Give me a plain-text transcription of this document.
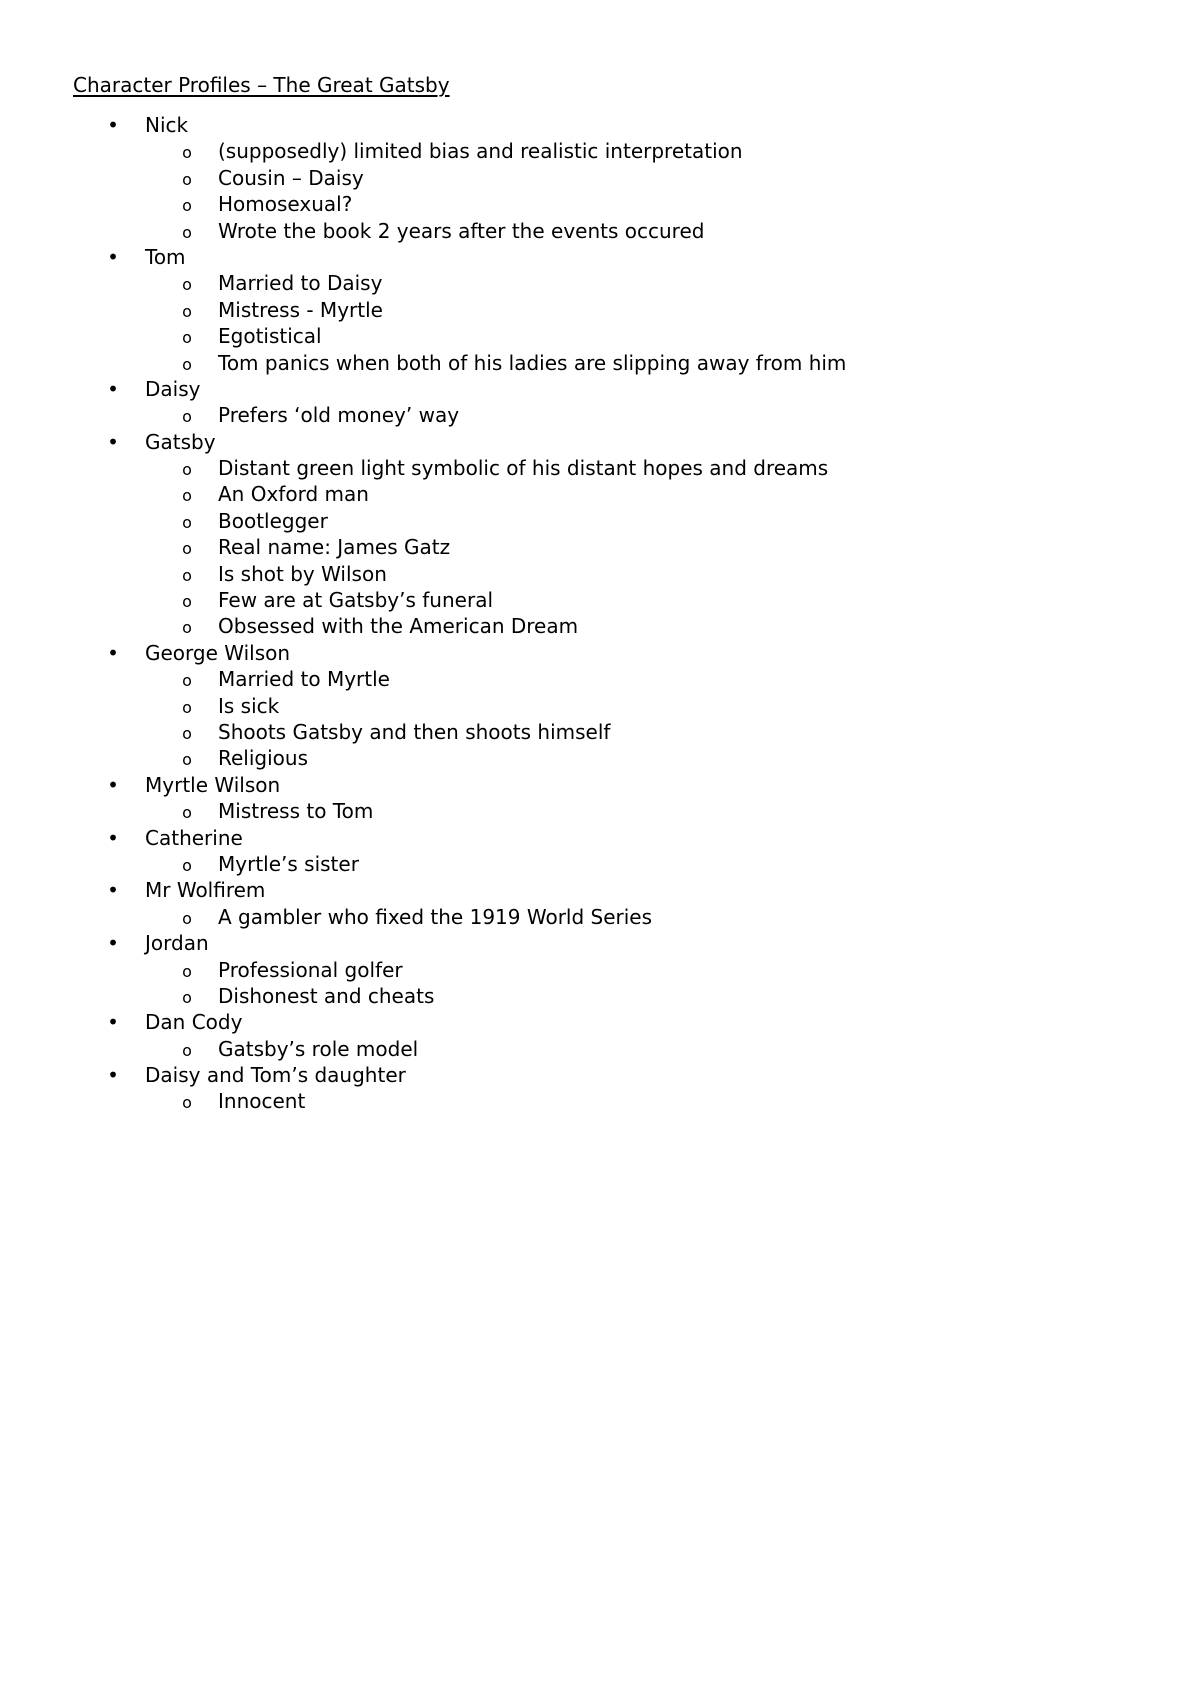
Character Profiles – The Great Gatsby
• Nick
o (supposedly) limited bias and realistic interpretation
o Cousin – Daisy
o Homosexual?
o Wrote the book 2 years after the events occured
• Tom
o Married to Daisy
o Mistress - Myrtle
o Egotistical
o Tom panics when both of his ladies are slipping away from him
• Daisy
o Prefers ‘old money’ way
• Gatsby
o Distant green light symbolic of his distant hopes and dreams
o An Oxford man
o Bootlegger
o Real name: James Gatz
o Is shot by Wilson
o Few are at Gatsby’s funeral
o Obsessed with the American Dream
• George Wilson
o Married to Myrtle
o Is sick
o Shoots Gatsby and then shoots himself
o Religious
• Myrtle Wilson
o Mistress to Tom
• Catherine
o Myrtle’s sister
• Mr Wolfirem
o A gambler who fixed the 1919 World Series
• Jordan
o Professional golfer
o Dishonest and cheats
• Dan Cody
o Gatsby’s role model
• Daisy and Tom’s daughter
o Innocent
